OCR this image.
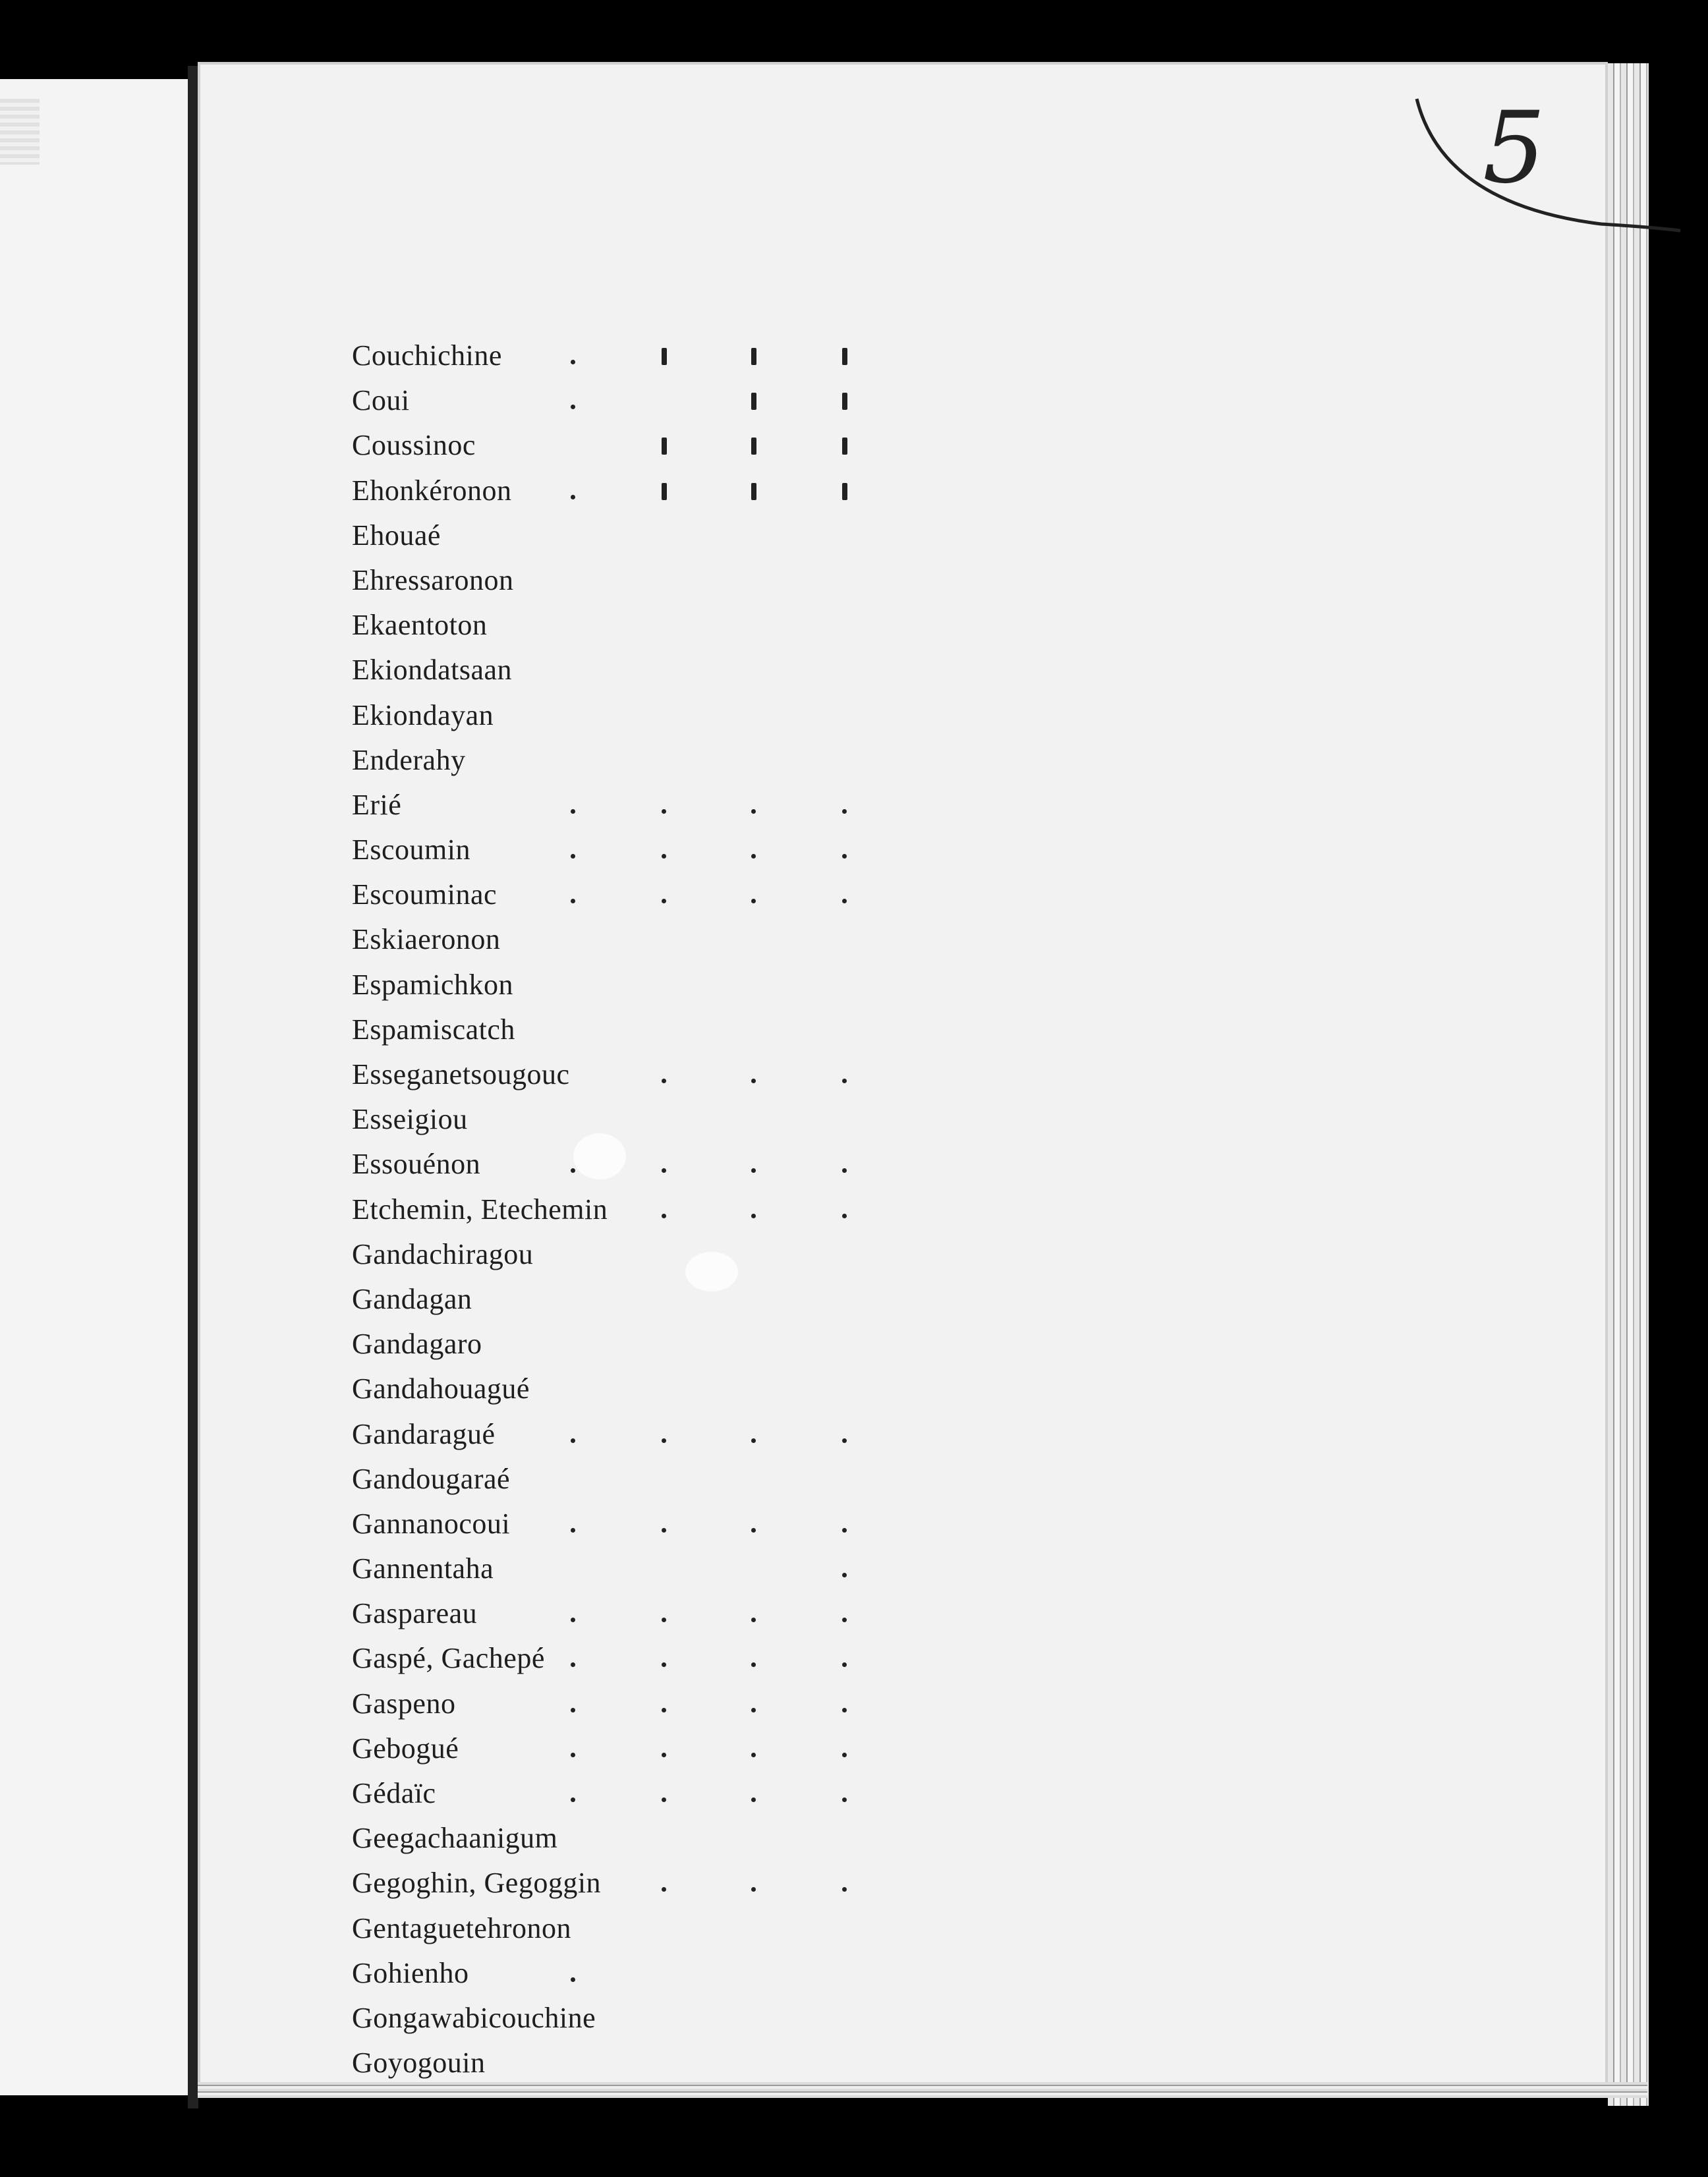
5
Couchichine
Coui
Coussinoc
Ehonkéronon
Ehouaé
Ehressaronon
Ekaentoton
Ekiondatsaan
Ekiondayan
Enderahy
Erié
Escoumin
Escouminac
Eskiaeronon
Espamichkon
Espamiscatch
Esseganetsougouc
Esseigiou
Essouénon
Etchemin, Etechemin
Gandachiragou
Gandagan
Gandagaro
Gandahouagué
Gandaragué
Gandougaraé
Gannanocoui
Gannentaha
Gaspareau
Gaspé, Gachepé
Gaspeno
Gebogué
Gédaïc
Geegachaanigum
Gegoghin, Gegoggin
Gentaguetehronon
Gohienho
Gongawabicouchine
Goyogouin
